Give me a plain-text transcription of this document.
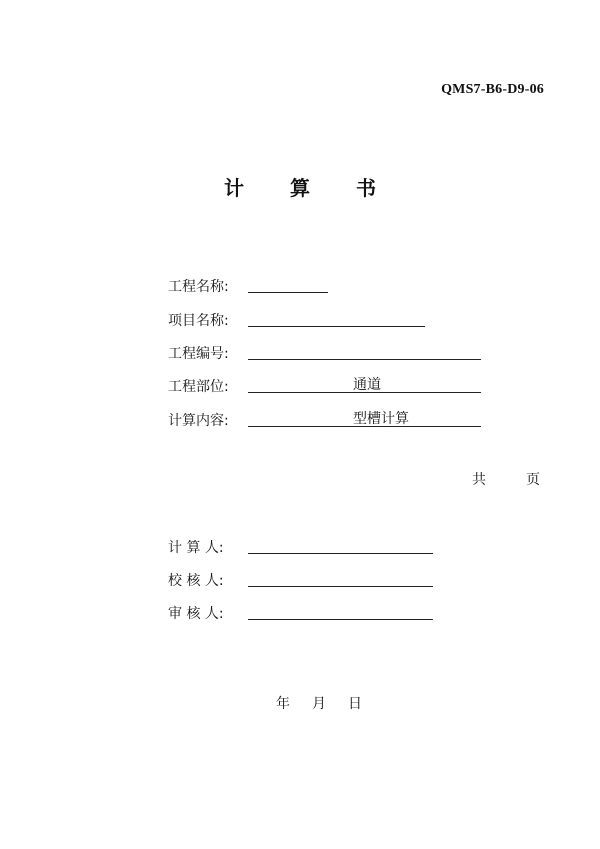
QMS7-B6-D9-06
计 算 书
工程名称:
项目名称:
工程编号:
工程部位:	通道
计算内容:	型槽计算
共	页
计 算 人:
校 核 人:
审 核 人:
年 月 日
